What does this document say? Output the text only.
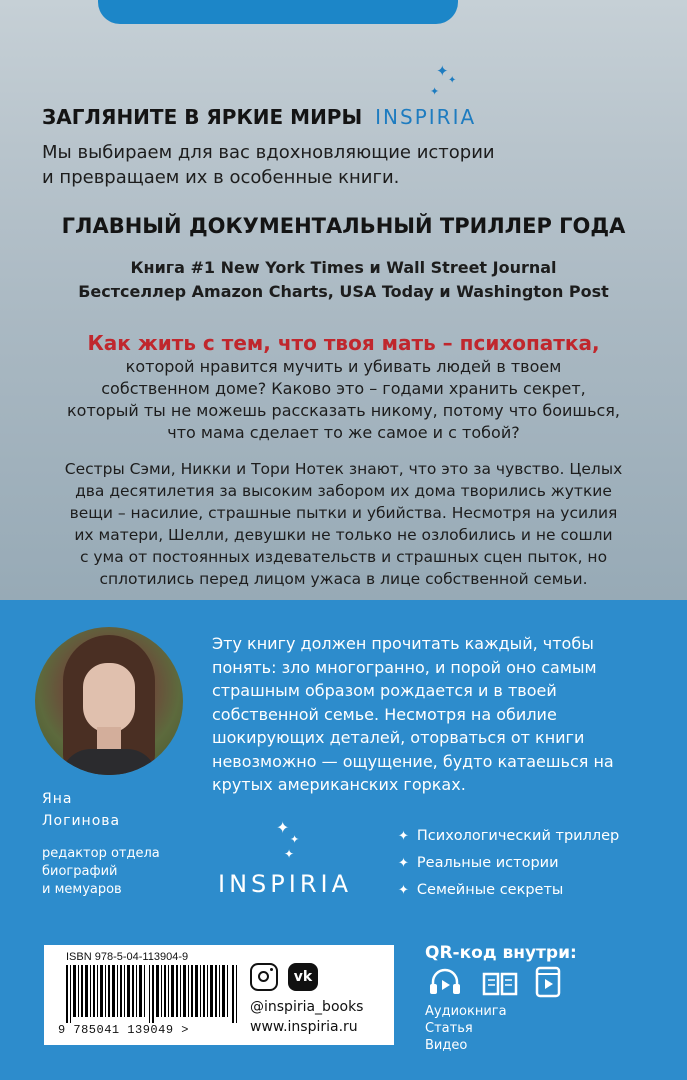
✦
✦
✦
ЗАГЛЯНИТЕ В ЯРКИЕ МИРЫ INSPIRIA
Мы выбираем для вас вдохновляющие истории
и превращаем их в особенные книги.
ГЛАВНЫЙ ДОКУМЕНТАЛЬНЫЙ ТРИЛЛЕР ГОДА
Книга #1 New York Times и Wall Street Journal
Бестселлер Amazon Charts, USA Today и Washington Post
Как жить с тем, что твоя мать – психопатка,
которой нравится мучить и убивать людей в твоем
собственном доме? Каково это – годами хранить секрет,
который ты не можешь рассказать никому, потому что боишься,
что мама сделает то же самое и с тобой?
Сестры Сэми, Никки и Тори Нотек знают, что это за чувство. Целых
два десятилетия за высоким забором их дома творились жуткие
вещи – насилие, страшные пытки и убийства. Несмотря на усилия
их матери, Шелли, девушки не только не озлобились и не сошли
с ума от постоянных издевательств и страшных сцен пыток, но
сплотились перед лицом ужаса в лице собственной семьи.
Эту книгу должен прочитать каждый, чтобы
понять: зло многогранно, и порой оно самым
страшным образом рождается и в твоей
собственной семье. Несмотря на обилие
шокирующих деталей, оторваться от книги
невозможно — ощущение, будто катаешься на
крутых американских горках.
Яна
Логинова
редактор отдела
биографий
и мемуаров
✦
✦
✦
INSPIRIA
✦ Психологический триллер
✦ Реальные истории
✦ Семейные секреты
ISBN 978-5-04-113904-9
9 785041 139049 >
vk
@inspiria_books
www.inspiria.ru
QR-код внутри:
Аудиокнига
Статья
Видео
